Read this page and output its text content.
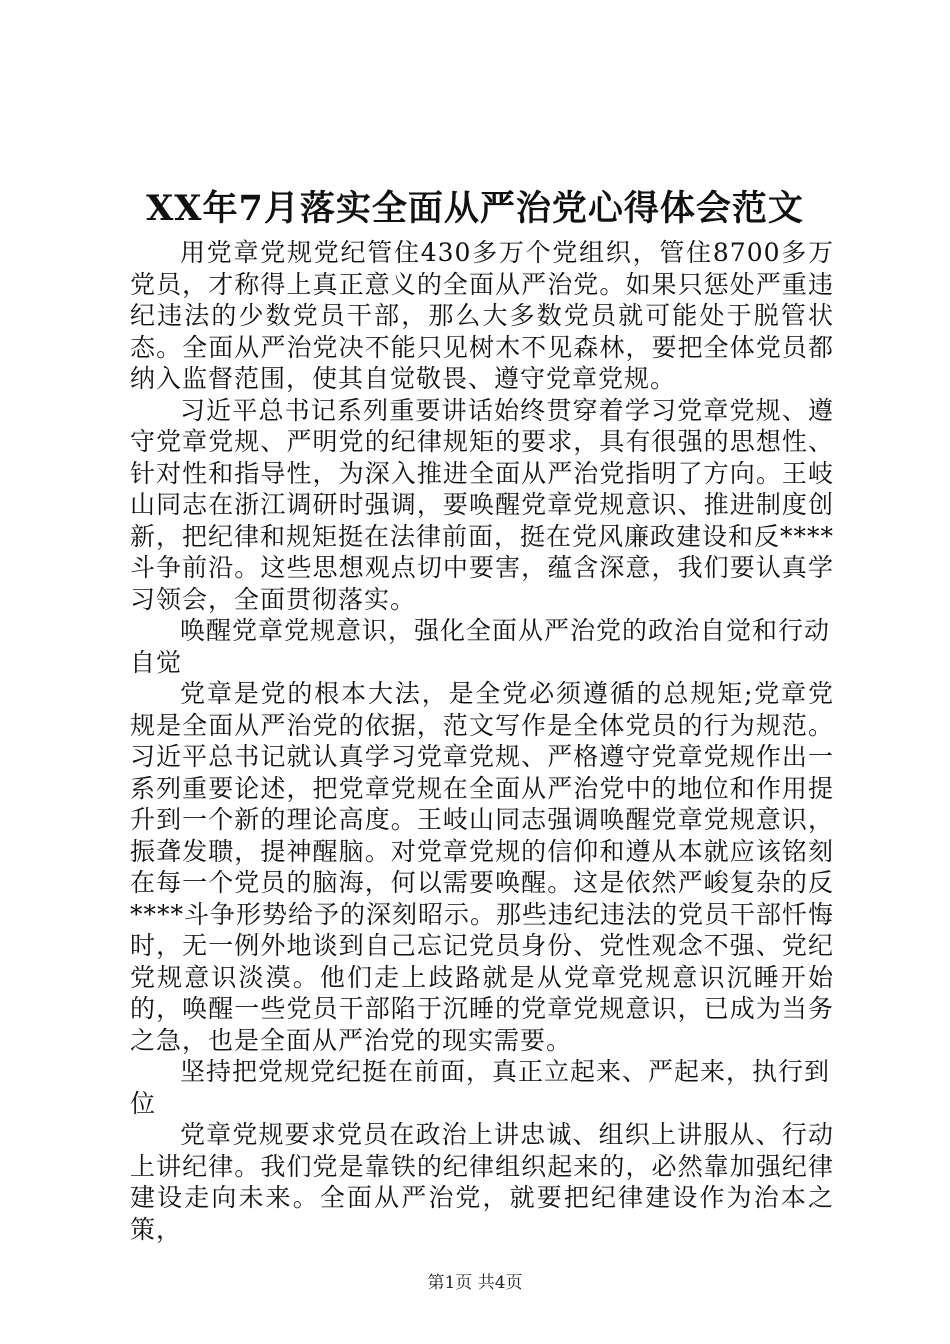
XX年7月落实全面从严治党心得体会范文

用党章党规党纪管住430多万个党组织，管住8700多万党员，才称得上真正意义的全面从严治党。如果只惩处严重违纪违法的少数党员干部，那么大多数党员就可能处于脱管状态。全面从严治党决不能只见树木不见森林，要把全体党员都纳入监督范围，使其自觉敬畏、遵守党章党规。

习近平总书记系列重要讲话始终贯穿着学习党章党规、遵守党章党规、严明党的纪律规矩的要求，具有很强的思想性、针对性和指导性，为深入推进全面从严治党指明了方向。王岐山同志在浙江调研时强调，要唤醒党章党规意识、推进制度创新，把纪律和规矩挺在法律前面，挺在党风廉政建设和反****斗争前沿。这些思想观点切中要害，蕴含深意，我们要认真学习领会，全面贯彻落实。

唤醒党章党规意识，强化全面从严治党的政治自觉和行动自觉

党章是党的根本大法，是全党必须遵循的总规矩;党章党规是全面从严治党的依据，范文写作是全体党员的行为规范。习近平总书记就认真学习党章党规、严格遵守党章党规作出一系列重要论述，把党章党规在全面从严治党中的地位和作用提升到一个新的理论高度。王岐山同志强调唤醒党章党规意识，振聋发聩，提神醒脑。对党章党规的信仰和遵从本就应该铭刻在每一个党员的脑海，何以需要唤醒。这是依然严峻复杂的反****斗争形势给予的深刻昭示。那些违纪违法的党员干部忏悔时，无一例外地谈到自己忘记党员身份、党性观念不强、党纪党规意识淡漠。他们走上歧路就是从党章党规意识沉睡开始的，唤醒一些党员干部陷于沉睡的党章党规意识，已成为当务之急，也是全面从严治党的现实需要。

坚持把党规党纪挺在前面，真正立起来、严起来，执行到位

党章党规要求党员在政治上讲忠诚、组织上讲服从、行动上讲纪律。我们党是靠铁的纪律组织起来的，必然靠加强纪律建设走向未来。全面从严治党，就要把纪律建设作为治本之策，

第1页 共4页
